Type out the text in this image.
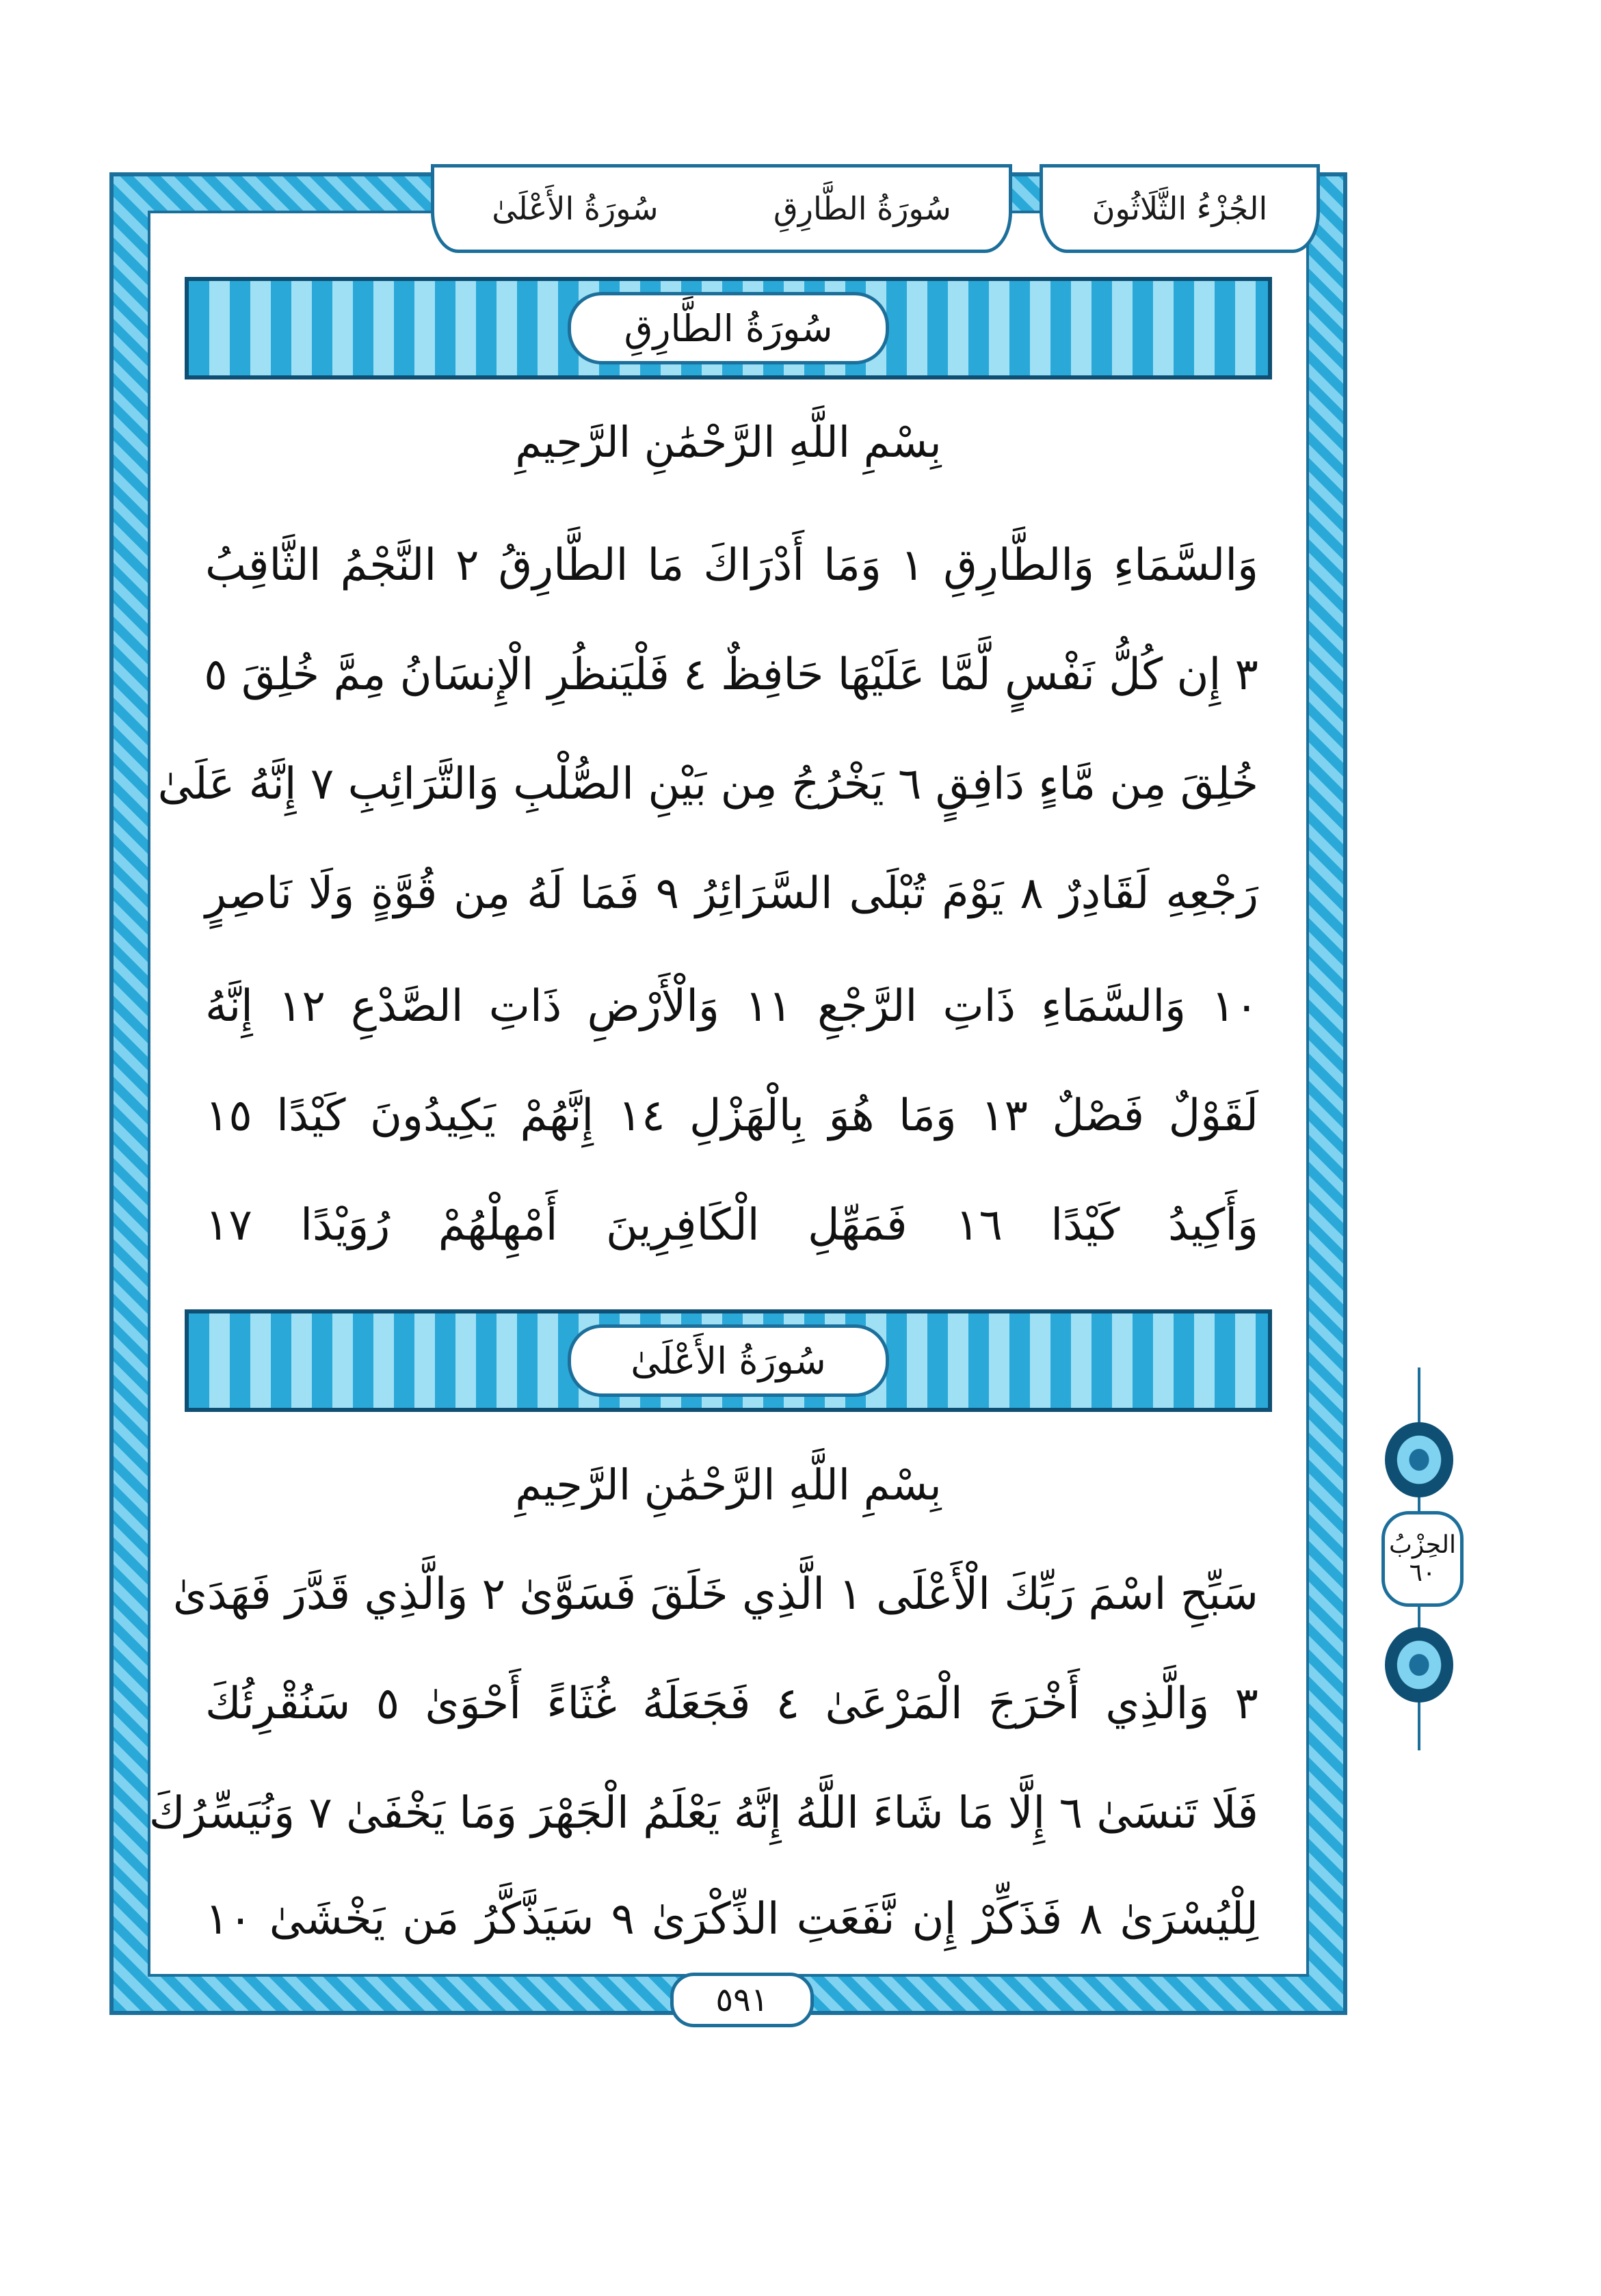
الجُزْءُ الثَّلَاثُونَ
سُورَةُ الطَّارِقِ
سُورَةُ الأَعْلَىٰ
سُورَةُ الطَّارِقِ
بِسْمِ اللَّهِ الرَّحْمَٰنِ الرَّحِيمِ
وَالسَّمَاءِ وَالطَّارِقِ ١ وَمَا أَدْرَاكَ مَا الطَّارِقُ ٢ النَّجْمُ الثَّاقِبُ
٣ إِن كُلُّ نَفْسٍ لَّمَّا عَلَيْهَا حَافِظٌ ٤ فَلْيَنظُرِ الْإِنسَانُ مِمَّ خُلِقَ ٥
خُلِقَ مِن مَّاءٍ دَافِقٍ ٦ يَخْرُجُ مِن بَيْنِ الصُّلْبِ وَالتَّرَائِبِ ٧ إِنَّهُ عَلَىٰ
رَجْعِهِ لَقَادِرٌ ٨ يَوْمَ تُبْلَى السَّرَائِرُ ٩ فَمَا لَهُ مِن قُوَّةٍ وَلَا نَاصِرٍ
١٠ وَالسَّمَاءِ ذَاتِ الرَّجْعِ ١١ وَالْأَرْضِ ذَاتِ الصَّدْعِ ١٢ إِنَّهُ
لَقَوْلٌ فَصْلٌ ١٣ وَمَا هُوَ بِالْهَزْلِ ١٤ إِنَّهُمْ يَكِيدُونَ كَيْدًا ١٥
وَأَكِيدُ كَيْدًا ١٦ فَمَهِّلِ الْكَافِرِينَ أَمْهِلْهُمْ رُوَيْدًا ١٧
سُورَةُ الأَعْلَىٰ
بِسْمِ اللَّهِ الرَّحْمَٰنِ الرَّحِيمِ
سَبِّحِ اسْمَ رَبِّكَ الْأَعْلَى ١ الَّذِي خَلَقَ فَسَوَّىٰ ٢ وَالَّذِي قَدَّرَ فَهَدَىٰ
٣ وَالَّذِي أَخْرَجَ الْمَرْعَىٰ ٤ فَجَعَلَهُ غُثَاءً أَحْوَىٰ ٥ سَنُقْرِئُكَ
فَلَا تَنسَىٰ ٦ إِلَّا مَا شَاءَ اللَّهُ إِنَّهُ يَعْلَمُ الْجَهْرَ وَمَا يَخْفَىٰ ٧ وَنُيَسِّرُكَ
لِلْيُسْرَىٰ ٨ فَذَكِّرْ إِن نَّفَعَتِ الذِّكْرَىٰ ٩ سَيَذَّكَّرُ مَن يَخْشَىٰ ١٠
٥٩١
الحِزْبُ
٦٠
